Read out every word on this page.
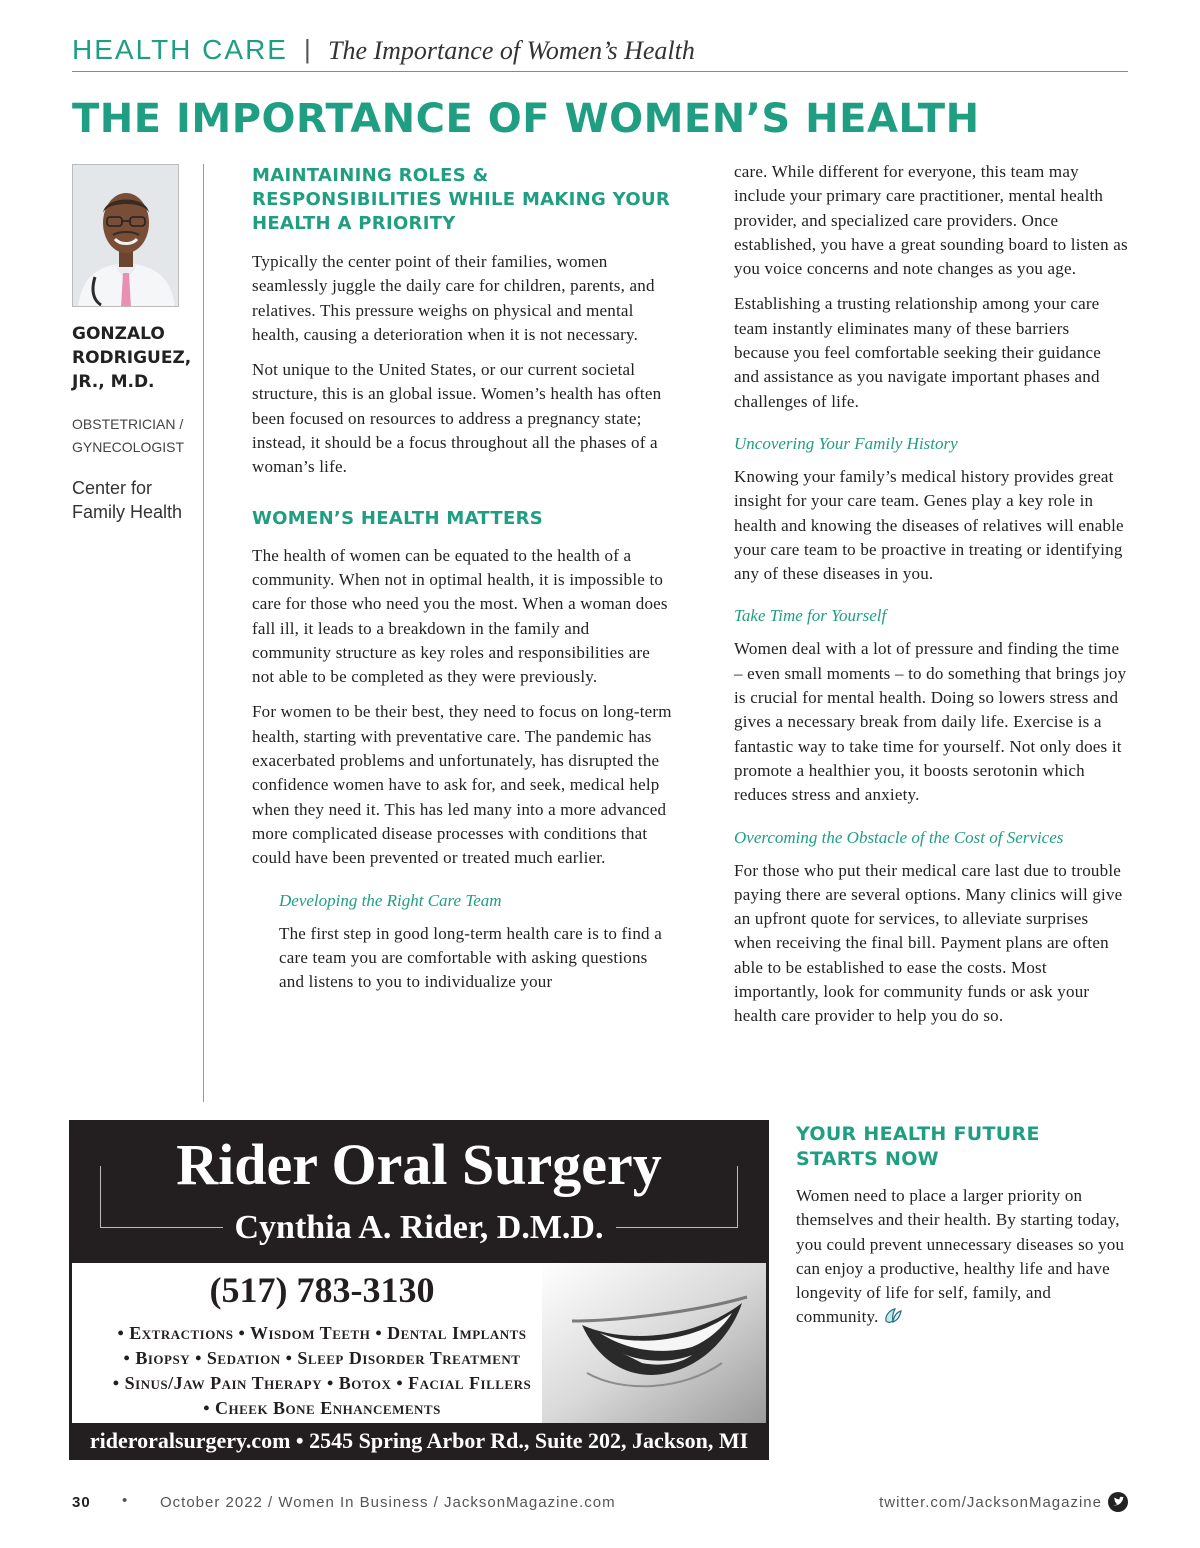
HEALTH CARE | The Importance of Women’s Health
THE IMPORTANCE OF WOMEN’S HEALTH
GONZALO RODRIGUEZ, JR., M.D.
OBSTETRICIAN / GYNECOLOGIST
Center for Family Health
MAINTAINING ROLES & RESPONSIBILITIES WHILE MAKING YOUR HEALTH A PRIORITY

Typically the center point of their families, women seamlessly juggle the daily care for children, parents, and relatives. This pressure weighs on physical and mental health, causing a deterioration when it is not necessary.

Not unique to the United States, or our current societal structure, this is an global issue. Women’s health has often been focused on resources to address a pregnancy state; instead, it should be a focus throughout all the phases of a woman’s life.

WOMEN’S HEALTH MATTERS

The health of women can be equated to the health of a community. When not in optimal health, it is impossible to care for those who need you the most. When a woman does fall ill, it leads to a breakdown in the family and community structure as key roles and responsibilities are not able to be completed as they were previously.

For women to be their best, they need to focus on long-term health, starting with preventative care. The pandemic has exacerbated problems and unfortunately, has disrupted the confidence women have to ask for, and seek, medical help when they need it. This has led many into a more advanced more complicated disease processes with conditions that could have been prevented or treated much earlier.

Developing the Right Care Team

The first step in good long-term health care is to find a care team you are comfortable with asking questions and listens to you to individualize your

care. While different for everyone, this team may include your primary care practitioner, mental health provider, and specialized care providers. Once established, you have a great sounding board to listen as you voice concerns and note changes as you age.

Establishing a trusting relationship among your care team instantly eliminates many of these barriers because you feel comfortable seeking their guidance and assistance as you navigate important phases and challenges of life.

Uncovering Your Family History

Knowing your family’s medical history provides great insight for your care team. Genes play a key role in health and knowing the diseases of relatives will enable your care team to be proactive in treating or identifying any of these diseases in you.

Take Time for Yourself

Women deal with a lot of pressure and finding the time – even small moments – to do something that brings joy is crucial for mental health. Doing so lowers stress and gives a necessary break from daily life. Exercise is a fantastic way to take time for yourself. Not only does it promote a healthier you, it boosts serotonin which reduces stress and anxiety.

Overcoming the Obstacle of the Cost of Services

For those who put their medical care last due to trouble paying there are several options. Many clinics will give an upfront quote for services, to alleviate surprises when receiving the final bill. Payment plans are often able to be established to ease the costs. Most importantly, look for community funds or ask your health care provider to help you do so.

YOUR HEALTH FUTURE STARTS NOW

Women need to place a larger priority on themselves and their health. By starting today, you could prevent unnecessary diseases so you can enjoy a productive, healthy life and have longevity of life for self, family, and community.

Rider Oral Surgery
Cynthia A. Rider, D.M.D.
(517) 783-3130
• Extractions • Wisdom Teeth • Dental Implants
• Biopsy • Sedation • Sleep Disorder Treatment
• Sinus/Jaw Pain Therapy • Botox • Facial Fillers
• Cheek Bone Enhancements
rideroralsurgery.com • 2545 Spring Arbor Rd., Suite 202, Jackson, MI
30 • October 2022 / Women In Business / JacksonMagazine.com	twitter.com/JacksonMagazine
